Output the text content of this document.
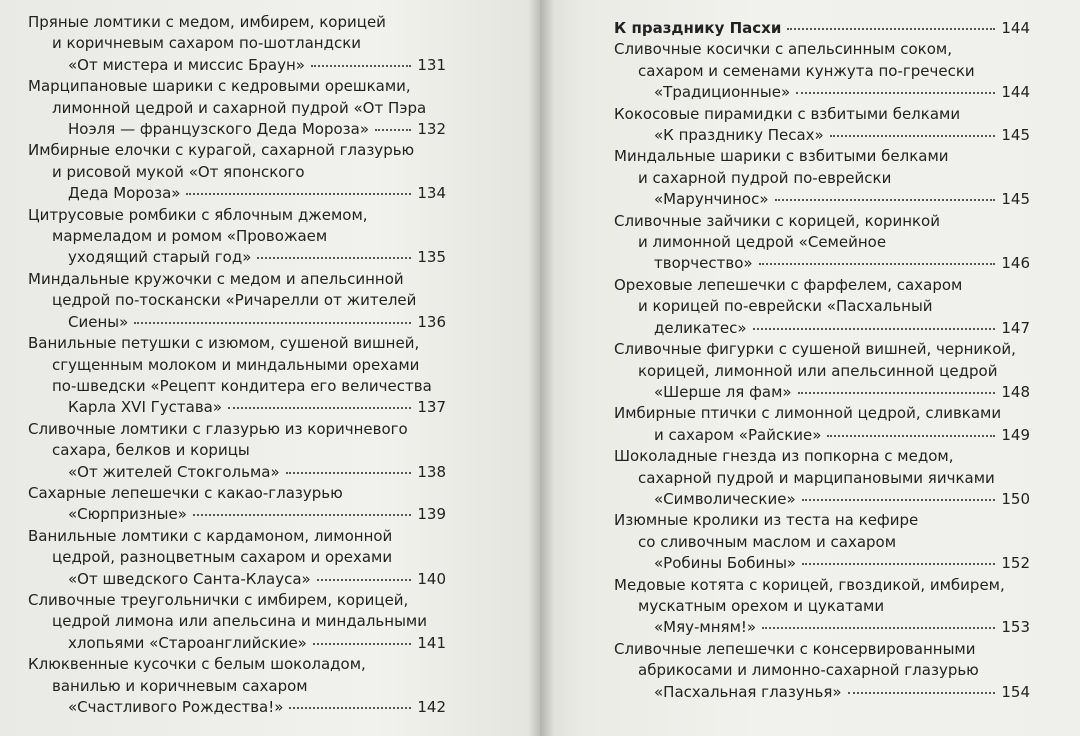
Пряные ломтики с медом, имбирем, корицей
и коричневым сахаром по-шотландски
«От мистера и миссис Браун»	131
Марципановые шарики с кедровыми орешками,
лимонной цедрой и сахарной пудрой «От Пэра
Ноэля — французского Деда Мороза»	132
Имбирные елочки с курагой, сахарной глазурью
и рисовой мукой «От японского
Деда Мороза»	134
Цитрусовые ромбики с яблочным джемом,
мармеладом и ромом «Провожаем
уходящий старый год»	135
Миндальные кружочки с медом и апельсинной
цедрой по-тоскански «Ричарелли от жителей
Сиены»	136
Ванильные петушки с изюмом, сушеной вишней,
сгущенным молоком и миндальными орехами
по-шведски «Рецепт кондитера его величества
Карла XVI Густава»	137
Сливочные ломтики с глазурью из коричневого
сахара, белков и корицы
«От жителей Стокгольма»	138
Сахарные лепешечки с какао-глазурью
«Сюрпризные»	139
Ванильные ломтики с кардамоном, лимонной
цедрой, разноцветным сахаром и орехами
«От шведского Санта-Клауса»	140
Сливочные треугольнички с имбирем, корицей,
цедрой лимона или апельсина и миндальными
хлопьями «Староанглийские»	141
Клюквенные кусочки с белым шоколадом,
ванилью и коричневым сахаром
«Счастливого Рождества!»	142
К празднику Пасхи	144
Сливочные косички с апельсинным соком,
сахаром и семенами кунжута по-гречески
«Традиционные»	144
Кокосовые пирамидки с взбитыми белками
«К празднику Песах»	145
Миндальные шарики с взбитыми белками
и сахарной пудрой по-еврейски
«Марунчинос»	145
Сливочные зайчики с корицей, коринкой
и лимонной цедрой «Семейное
творчество»	146
Ореховые лепешечки с фарфелем, сахаром
и корицей по-еврейски «Пасхальный
деликатес»	147
Сливочные фигурки с сушеной вишней, черникой,
корицей, лимонной или апельсинной цедрой
«Шерше ля фам»	148
Имбирные птички с лимонной цедрой, сливками
и сахаром «Райские»	149
Шоколадные гнезда из попкорна с медом,
сахарной пудрой и марципановыми яичками
«Символические»	150
Изюмные кролики из теста на кефире
со сливочным маслом и сахаром
«Робины Бобины»	152
Медовые котята с корицей, гвоздикой, имбирем,
мускатным орехом и цукатами
«Мяу-мням!»	153
Сливочные лепешечки с консервированными
абрикосами и лимонно-сахарной глазурью
«Пасхальная глазунья»	154
